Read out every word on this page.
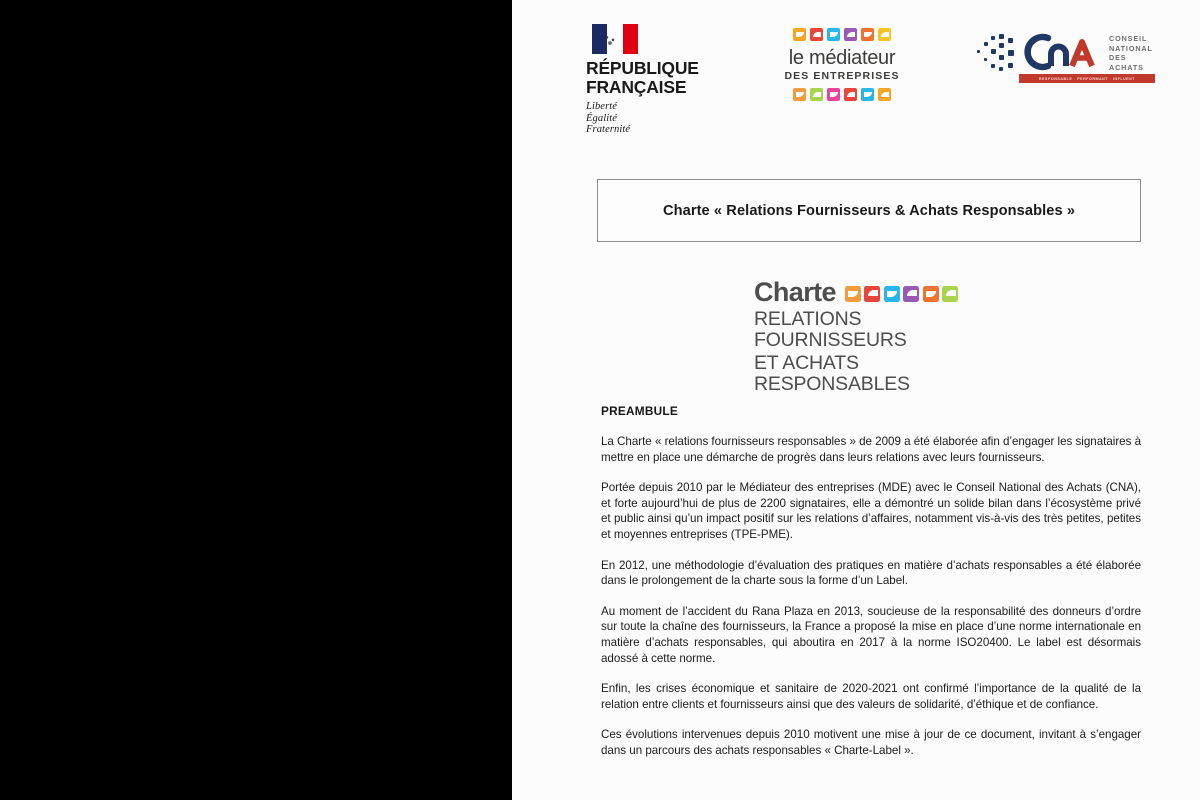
RÉPUBLIQUE
FRANÇAISE
Liberté
Égalité
Fraternité
le médiateur
DES ENTREPRISES
CONSEIL
NATIONAL
DES ACHATS
RESPONSABLE · PERFORMANT · INFLUENT
Charte « Relations Fournisseurs & Achats Responsables »
Charte
RELATIONS FOURNISSEURS
ET ACHATS RESPONSABLES
PREAMBULE

La Charte « relations fournisseurs responsables » de 2009 a été élaborée afin d’engager les signataires à mettre en place une démarche de progrès dans leurs relations avec leurs fournisseurs.

Portée depuis 2010 par le Médiateur des entreprises (MDE) avec le Conseil National des Achats (CNA), et forte aujourd’hui de plus de 2200 signataires, elle a démontré un solide bilan dans l’écosystème privé et public ainsi qu’un impact positif sur les relations d’affaires, notamment vis-à-vis des très petites, petites et moyennes entreprises (TPE-PME).

En 2012, une méthodologie d’évaluation des pratiques en matière d’achats responsables a été élaborée dans le prolongement de la charte sous la forme d’un Label.

Au moment de l’accident du Rana Plaza en 2013, soucieuse de la responsabilité des donneurs d’ordre sur toute la chaîne des fournisseurs, la France a proposé la mise en place d’une norme internationale en matière d’achats responsables, qui aboutira en 2017 à la norme ISO20400. Le label est désormais adossé à cette norme.

Enfin, les crises économique et sanitaire de 2020-2021 ont confirmé l’importance de la qualité de la relation entre clients et fournisseurs ainsi que des valeurs de solidarité, d’éthique et de confiance.

Ces évolutions intervenues depuis 2010 motivent une mise à jour de ce document, invitant à s’engager dans un parcours des achats responsables « Charte-Label ».
